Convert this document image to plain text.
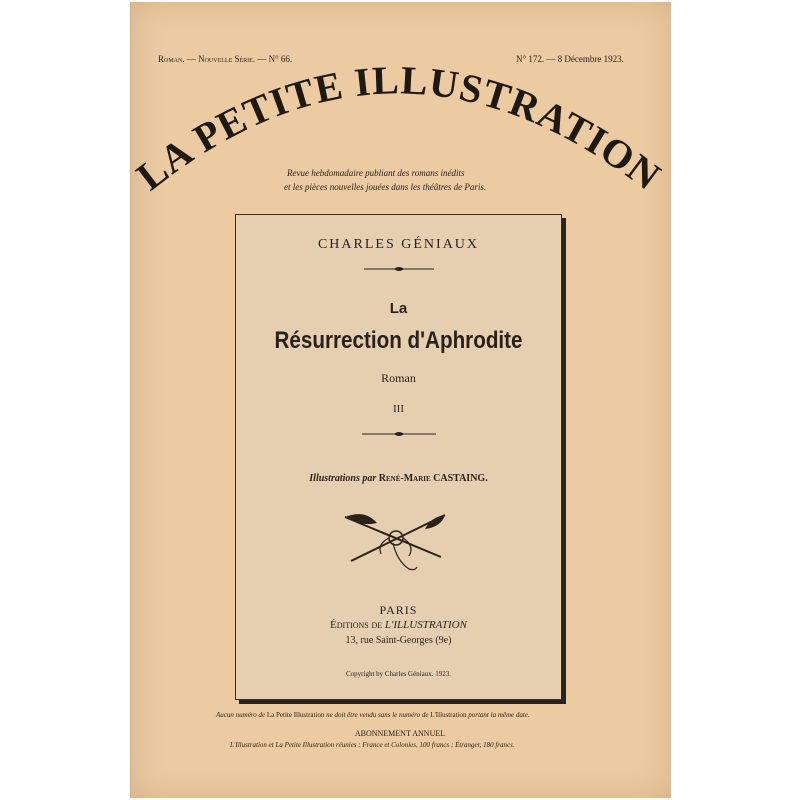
Roman. — Nouvelle Série. — N° 66.	N° 172. — 8 Décembre 1923.
LA PETITE ILLUSTRATION
Revue hebdomadaire publiant des romans inédits
et les pièces nouvelles jouées dans les théâtres de Paris.
CHARLES GÉNIAUX
La
Résurrection d'Aphrodite
Roman
III
Illustrations par René-Marie CASTAING.
PARIS
Éditions de L'ILLUSTRATION
13, rue Saint-Georges (9e)
Copyright by Charles Géniaux. 1923.
Aucun numéro de La Petite Illustration ne doit être vendu sans le numéro de L'Illustration portant la même date.
ABONNEMENT ANNUEL
L'Illustration et La Petite Illustration réunies : France et Colonies, 100 francs ; Étranger, 180 francs.
